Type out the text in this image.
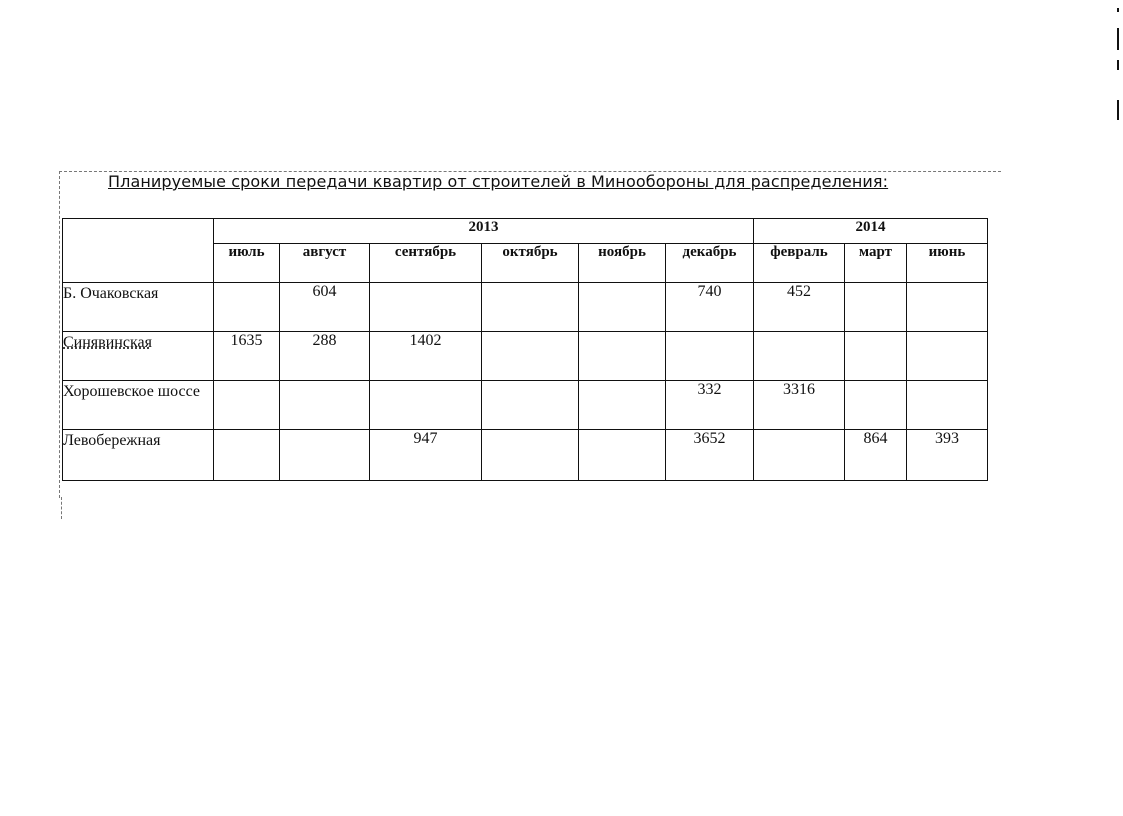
Планируемые сроки передачи квартир от строителей в Минообороны для распределения:
	2013						2014		
	июль	август	сентябрь	октябрь	ноябрь	декабрь	февраль	март	июнь
Б. Очаковская		604				740	452		
Синявинская	1635	288	1402						
Хорошевское шоссе						332	3316		
Левобережная			947			3652		864	393
